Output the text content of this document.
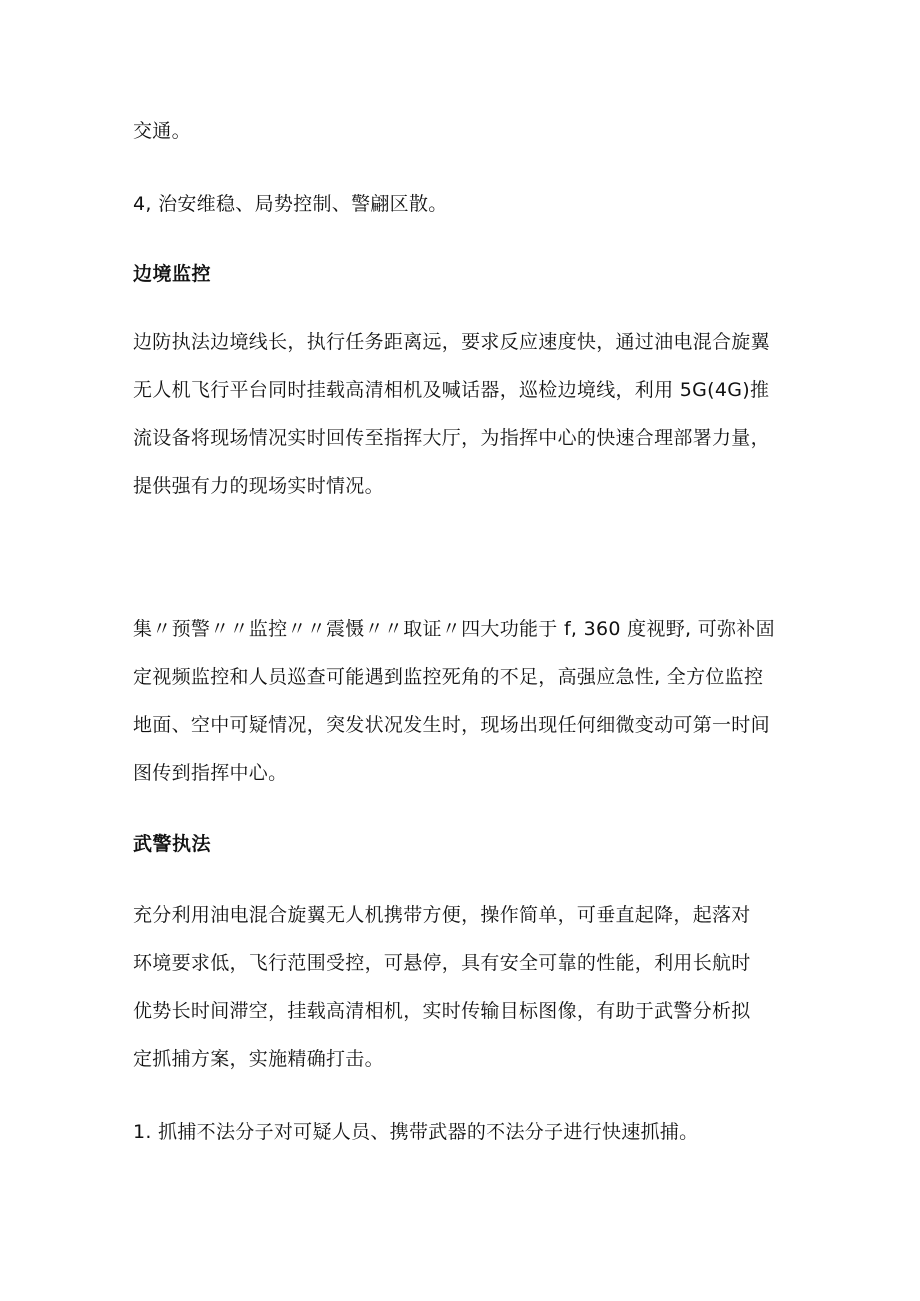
交通。
4, 治安维稳、局势控制、警翩区散。
边境监控
边防执法边境线长，执行任务距离远，要求反应速度快，通过油电混合旋翼
无人机飞行平台同时挂载高清相机及喊话器，巡检边境线，利用 5G(4G)推
流设备将现场情况实时回传至指挥大厅，为指挥中心的快速合理部署力量，
提供强有力的现场实时情况。
集〃预警〃〃监控〃〃震慑〃〃取证〃四大功能于 f, 360 度视野, 可弥补固
定视频监控和人员巡查可能遇到监控死角的不足，高强应急性, 全方位监控
地面、空中可疑情况，突发状况发生时，现场出现任何细微变动可第一时间
图传到指挥中心。
武警执法
充分利用油电混合旋翼无人机携带方便，操作简单，可垂直起降，起落对
环境要求低，飞行范围受控，可悬停，具有安全可靠的性能，利用长航时
优势长时间滞空，挂载高清相机，实时传输目标图像，有助于武警分析拟
定抓捕方案，实施精确打击。
1. 抓捕不法分子对可疑人员、携带武器的不法分子进行快速抓捕。
